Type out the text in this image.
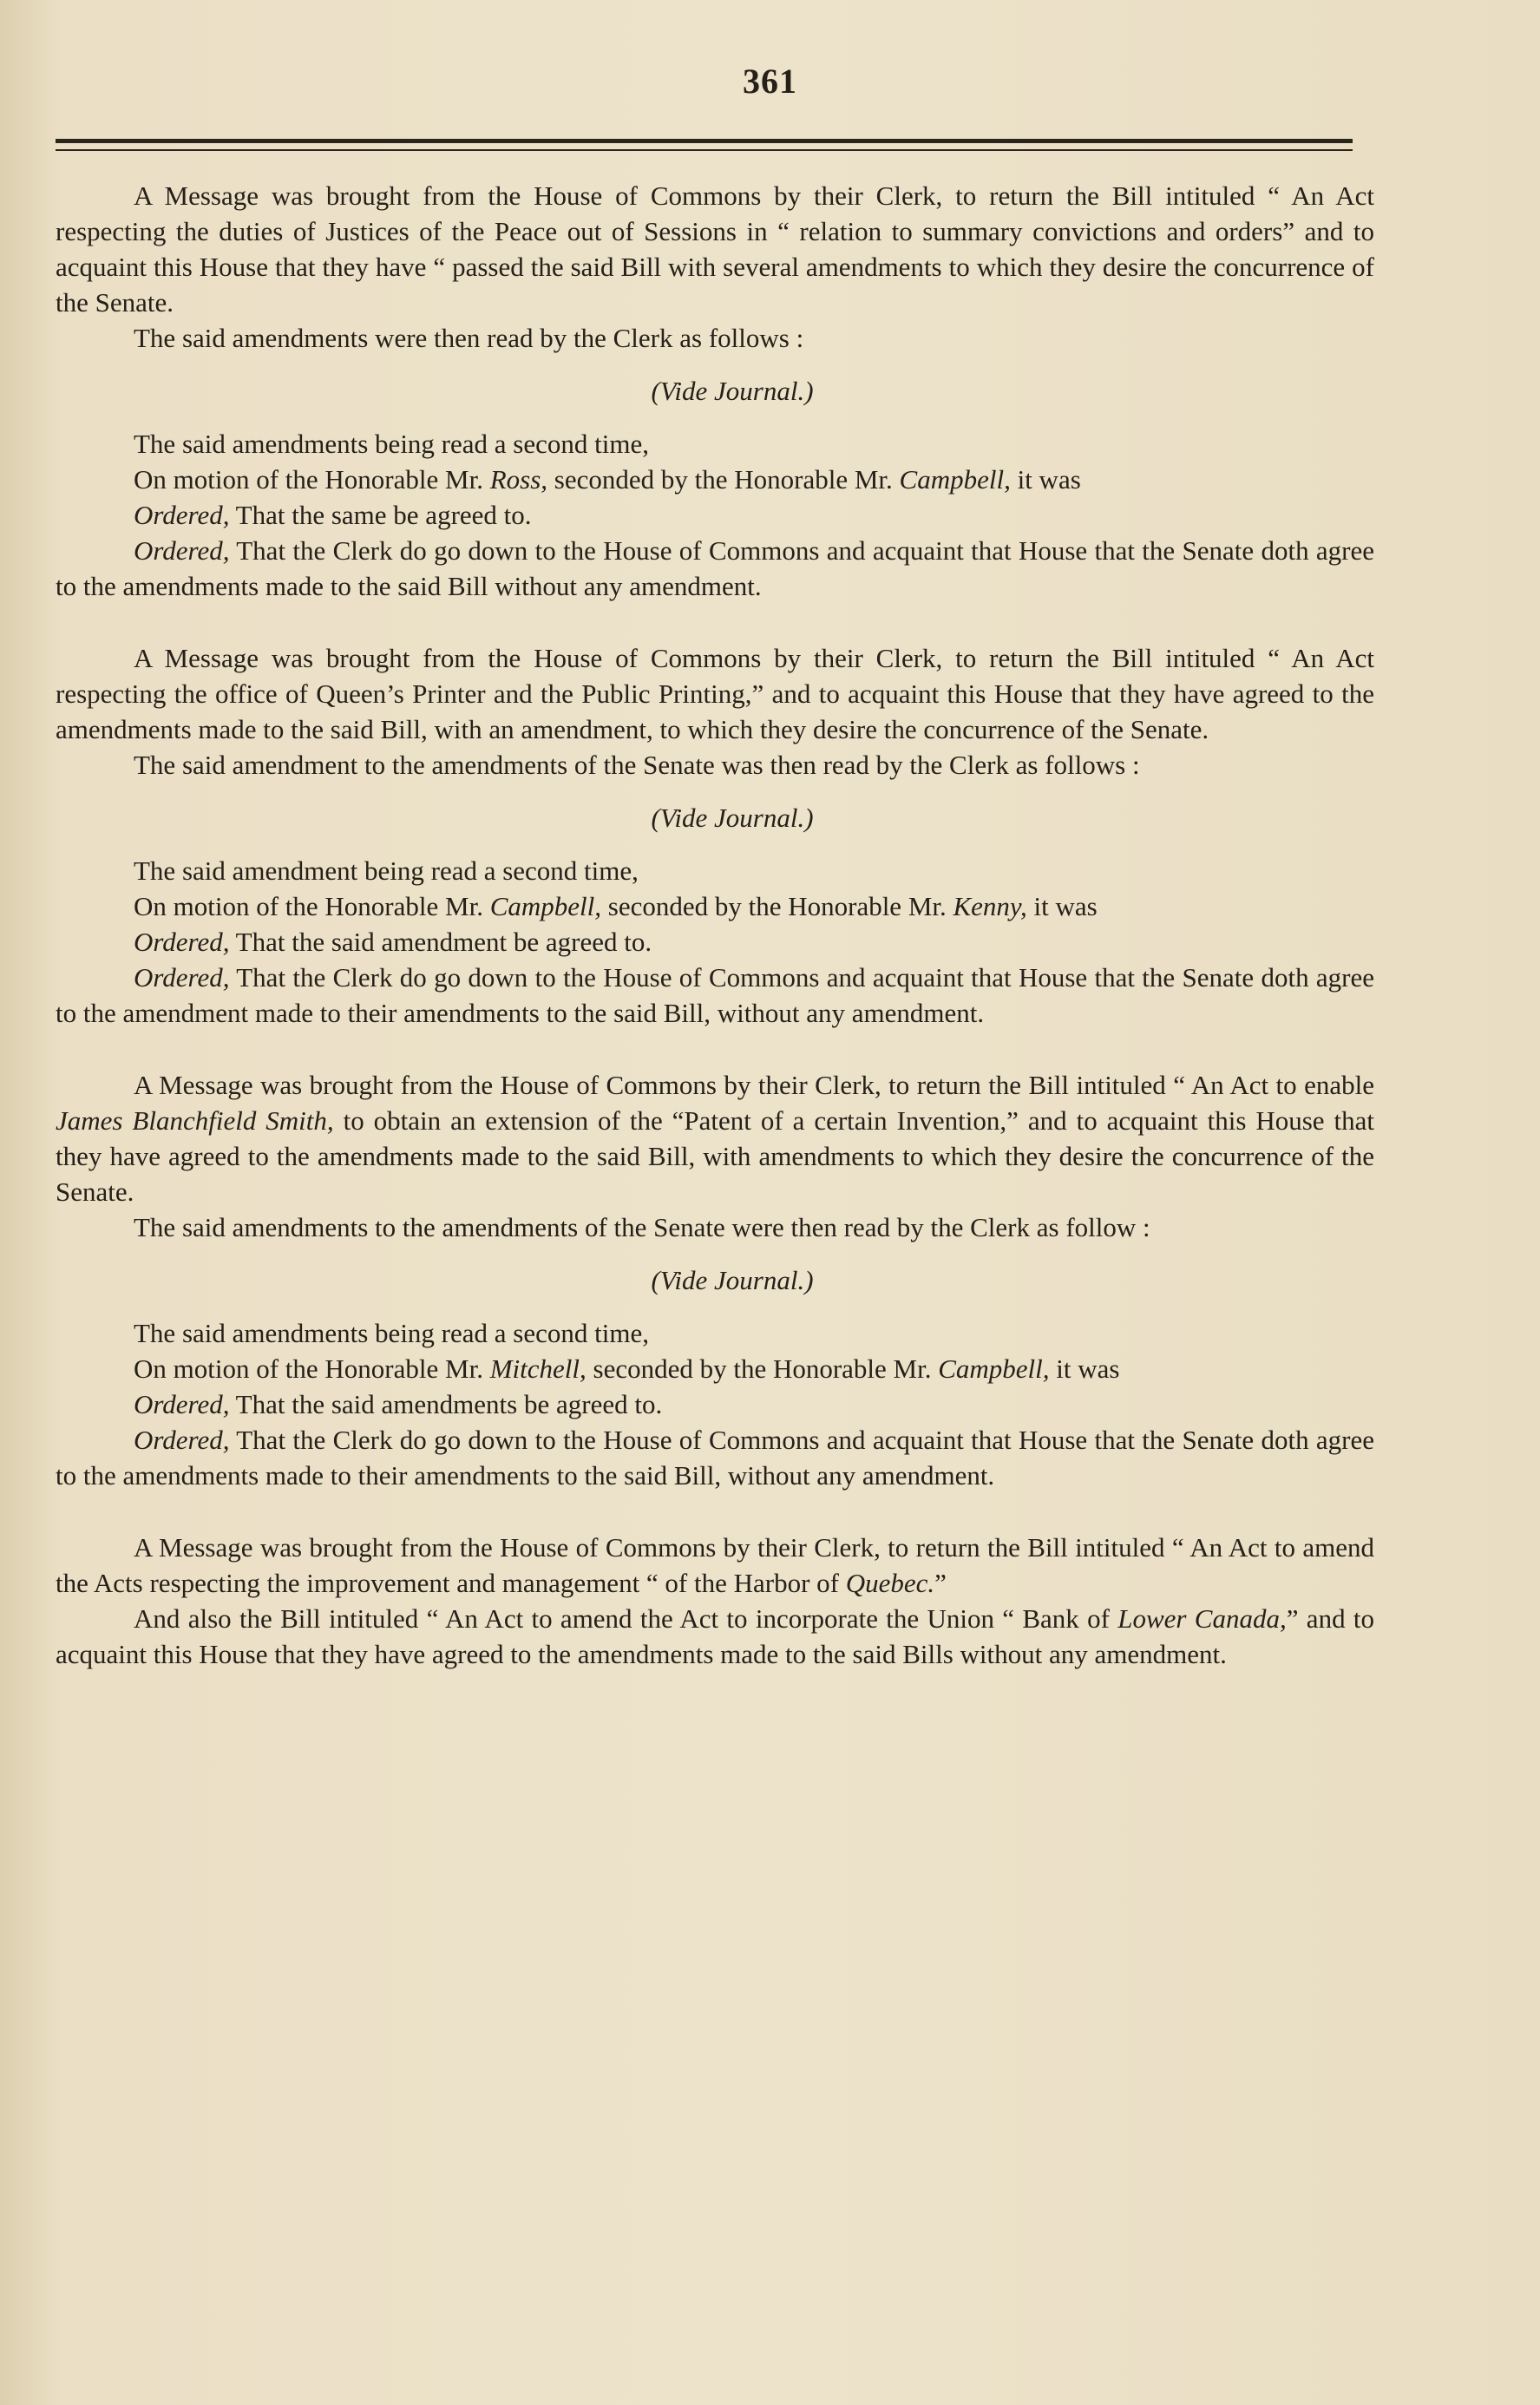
361

A Message was brought from the House of Commons by their Clerk, to return the Bill intituled “ An Act respecting the duties of Justices of the Peace out of Sessions in “ relation to summary convictions and orders” and to acquaint this House that they have “ passed the said Bill with several amendments to which they desire the concurrence of the Senate.

The said amendments were then read by the Clerk as follows :

(Vide Journal.)

The said amendments being read a second time,

On motion of the Honorable Mr. Ross, seconded by the Honorable Mr. Campbell, it was

Ordered, That the same be agreed to.

Ordered, That the Clerk do go down to the House of Commons and acquaint that House that the Senate doth agree to the amendments made to the said Bill without any amendment.

A Message was brought from the House of Commons by their Clerk, to return the Bill intituled “ An Act respecting the office of Queen’s Printer and the Public Printing,” and to acquaint this House that they have agreed to the amendments made to the said Bill, with an amendment, to which they desire the concurrence of the Senate.

The said amendment to the amendments of the Senate was then read by the Clerk as follows :

(Vide Journal.)

The said amendment being read a second time,

On motion of the Honorable Mr. Campbell, seconded by the Honorable Mr. Kenny, it was

Ordered, That the said amendment be agreed to.

Ordered, That the Clerk do go down to the House of Commons and acquaint that House that the Senate doth agree to the amendment made to their amendments to the said Bill, without any amendment.

A Message was brought from the House of Commons by their Clerk, to return the Bill intituled “ An Act to enable James Blanchfield Smith, to obtain an extension of the “Patent of a certain Invention,” and to acquaint this House that they have agreed to the amendments made to the said Bill, with amendments to which they desire the concurrence of the Senate.

The said amendments to the amendments of the Senate were then read by the Clerk as follow :

(Vide Journal.)

The said amendments being read a second time,

On motion of the Honorable Mr. Mitchell, seconded by the Honorable Mr. Campbell, it was

Ordered, That the said amendments be agreed to.

Ordered, That the Clerk do go down to the House of Commons and acquaint that House that the Senate doth agree to the amendments made to their amendments to the said Bill, without any amendment.

A Message was brought from the House of Commons by their Clerk, to return the Bill intituled “ An Act to amend the Acts respecting the improvement and management “ of the Harbor of Quebec.”

And also the Bill intituled “ An Act to amend the Act to incorporate the Union “ Bank of Lower Canada,” and to acquaint this House that they have agreed to the amendments made to the said Bills without any amendment.
